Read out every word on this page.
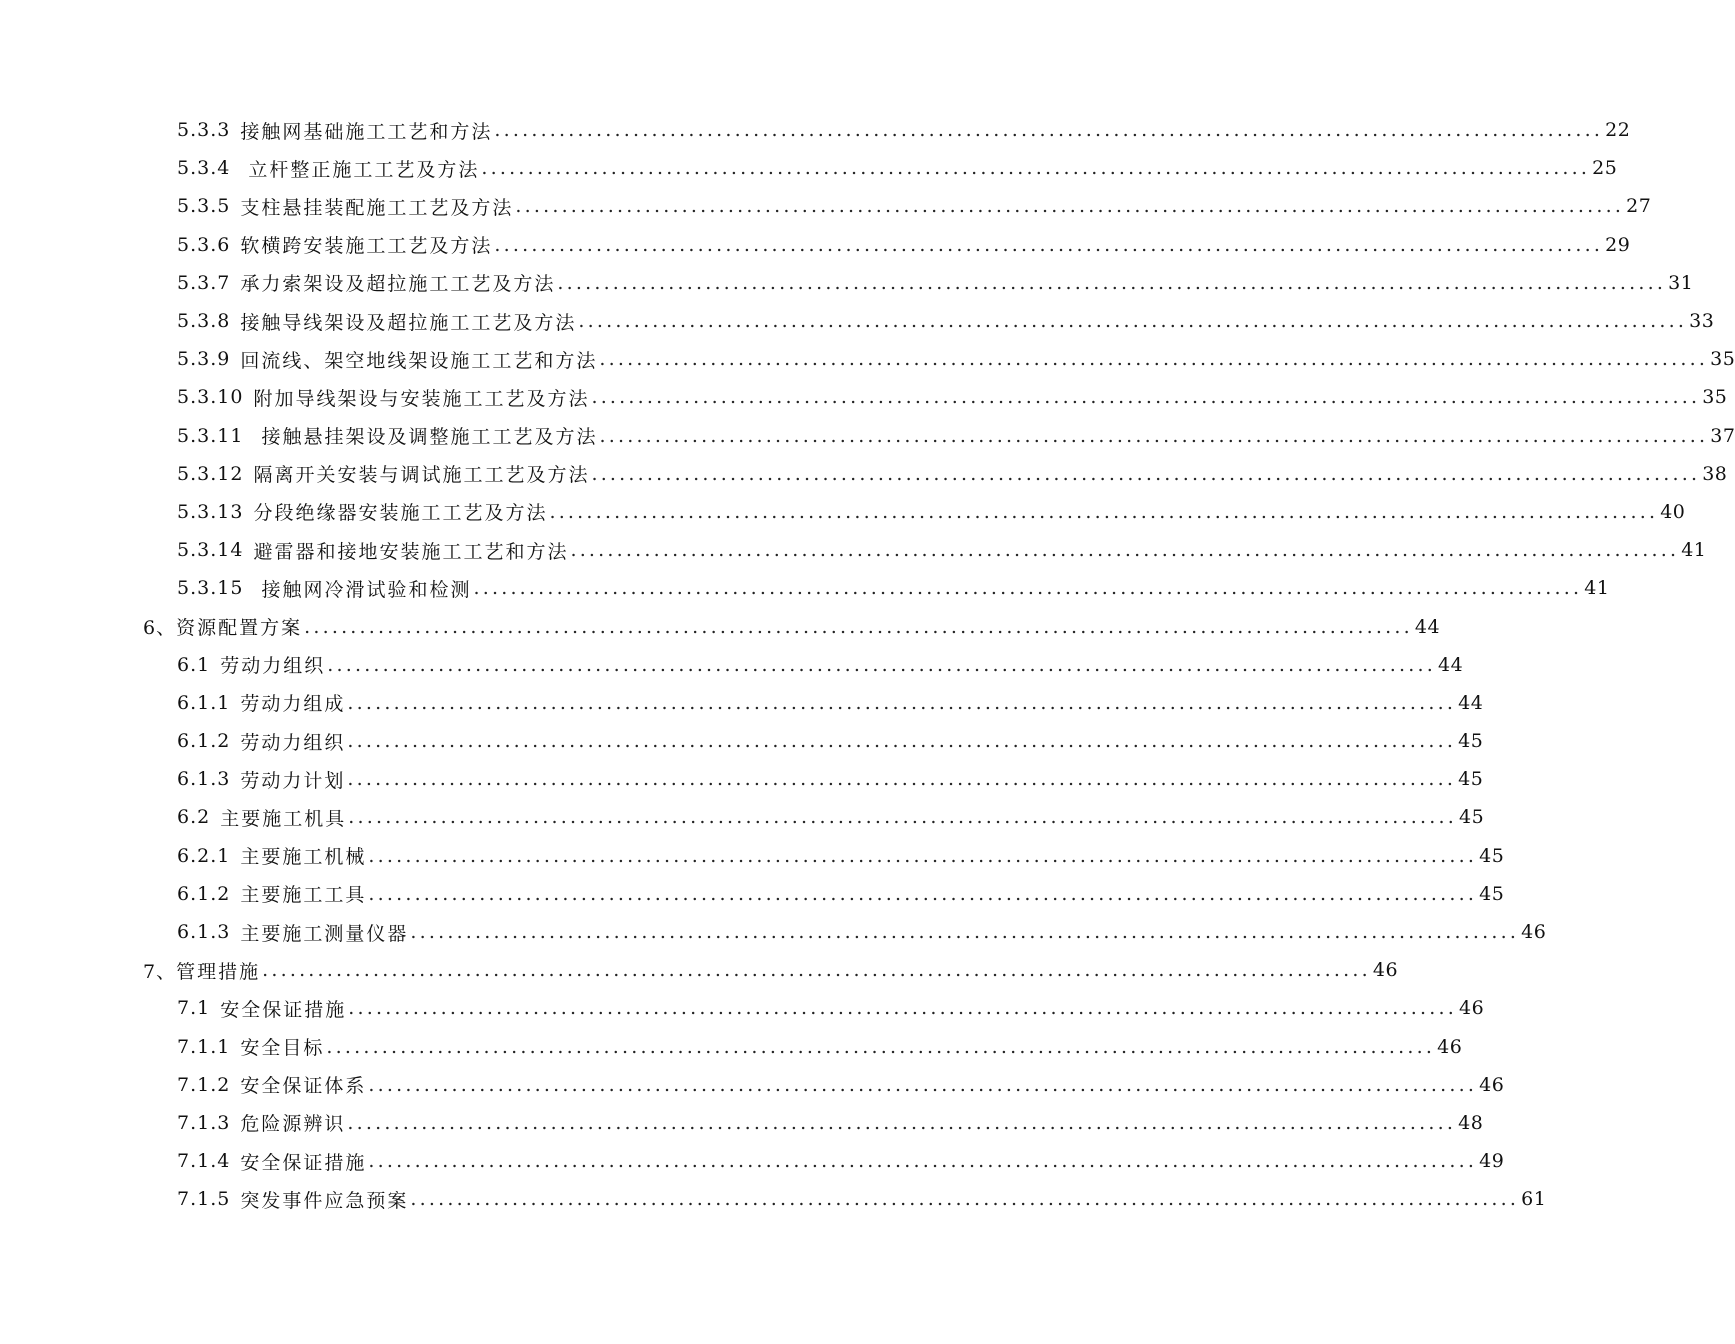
5.3.3 接触网基础施工工艺和方法 ........................................................................................................................ 22
5.3.4 立杆整正施工工艺及方法 ........................................................................................................................ 25
5.3.5 支柱悬挂装配施工工艺及方法 ........................................................................................................................ 27
5.3.6 软横跨安装施工工艺及方法 ........................................................................................................................ 29
5.3.7 承力索架设及超拉施工工艺及方法 ........................................................................................................................ 31
5.3.8 接触导线架设及超拉施工工艺及方法 ........................................................................................................................ 33
5.3.9 回流线、架空地线架设施工工艺和方法 ........................................................................................................................ 35
5.3.10 附加导线架设与安装施工工艺及方法 ........................................................................................................................ 35
5.3.11 接触悬挂架设及调整施工工艺及方法 ........................................................................................................................ 37
5.3.12 隔离开关安装与调试施工工艺及方法 ........................................................................................................................ 38
5.3.13 分段绝缘器安装施工工艺及方法 ........................................................................................................................ 40
5.3.14 避雷器和接地安装施工工艺和方法 ........................................................................................................................ 41
5.3.15 接触网冷滑试验和检测 ........................................................................................................................ 41
6、 资源配置方案 ........................................................................................................................ 44
6.1 劳动力组织 ........................................................................................................................ 44
6.1.1 劳动力组成 ........................................................................................................................ 44
6.1.2 劳动力组织 ........................................................................................................................ 45
6.1.3 劳动力计划 ........................................................................................................................ 45
6.2 主要施工机具 ........................................................................................................................ 45
6.2.1 主要施工机械 ........................................................................................................................ 45
6.1.2 主要施工工具 ........................................................................................................................ 45
6.1.3 主要施工测量仪器 ........................................................................................................................ 46
7、 管理措施 ........................................................................................................................ 46
7.1 安全保证措施 ........................................................................................................................ 46
7.1.1 安全目标 ........................................................................................................................ 46
7.1.2 安全保证体系 ........................................................................................................................ 46
7.1.3 危险源辨识 ........................................................................................................................ 48
7.1.4 安全保证措施 ........................................................................................................................ 49
7.1.5 突发事件应急预案 ........................................................................................................................ 61
